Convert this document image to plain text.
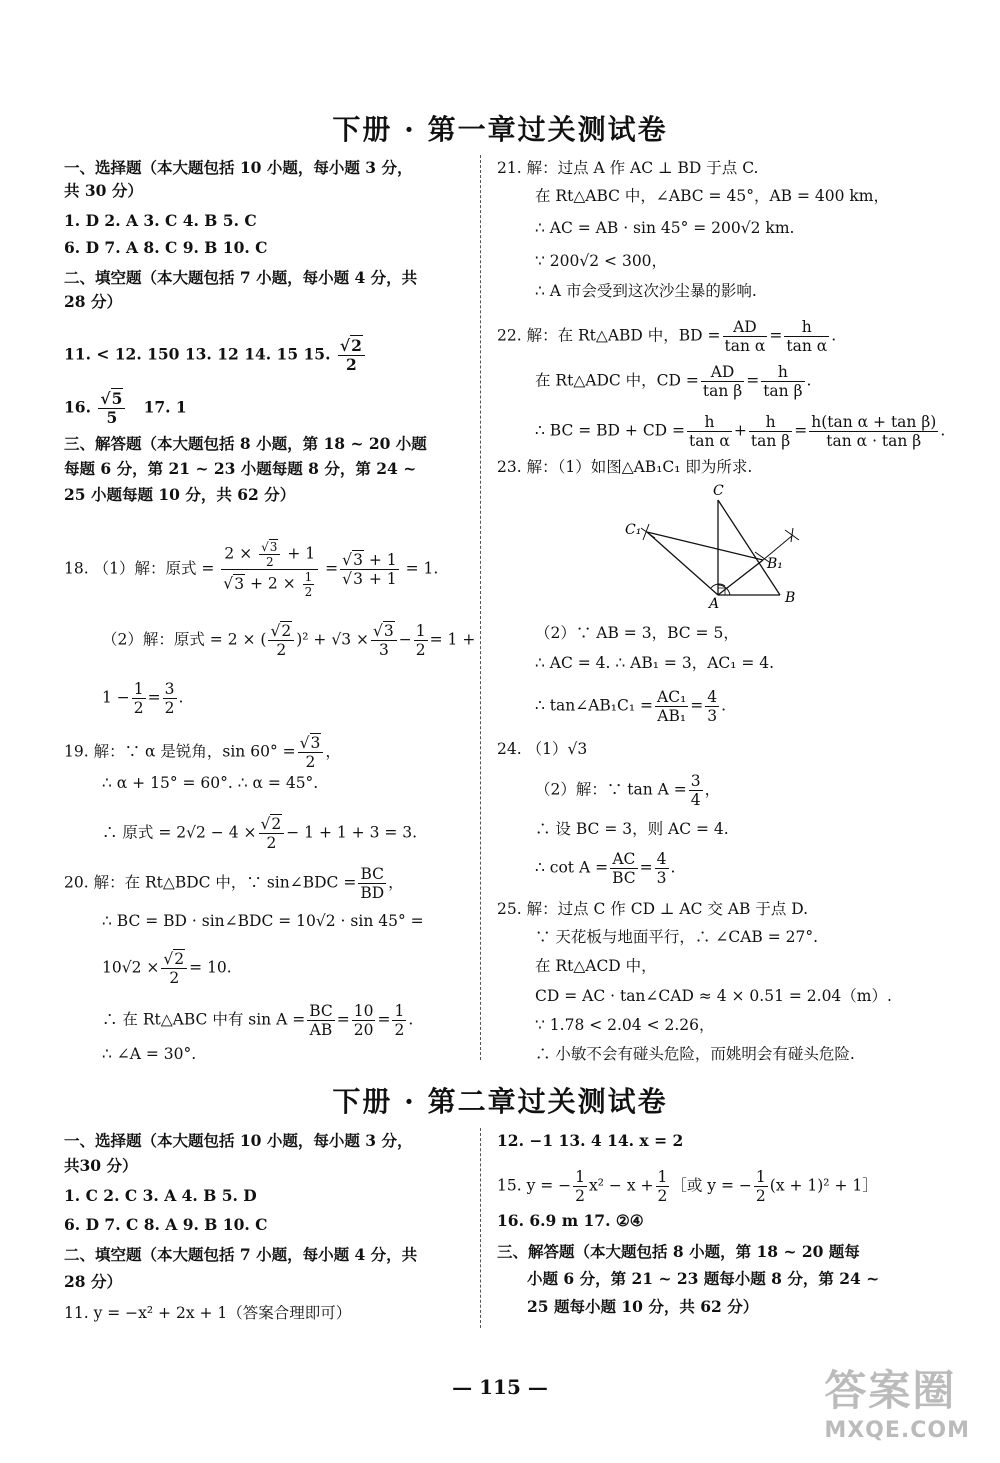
下册 · 第一章过关测试卷
一、选择题（本大题包括 10 小题，每小题 3 分，
共 30 分）
1. D 2. A 3. C 4. B 5. C
6. D 7. A 8. C 9. B 10. C
二、填空题（本大题包括 7 小题，每小题 4 分，共
28 分）
11. < 12. 150 13. 12 14. 15 15. $\frac{√2}{2}$
16. $\frac{√5}{5} 17$. 1
三、解答题（本大题包括 8 小题，第 18 ~ 20 小题
每题 6 分，第 21 ~ 23 小题每题 8 分，第 24 ~
25 小题每题 10 分，共 62 分）
18. （1）解：原式 = $\frac{2 \times \frac{√3}{2} + 1}{√3 + 2 \times \frac{1}{2}} = \frac{√3 + 1}{√3 + 1} = 1$.
（2）解：原式 = 2 × ( $\frac{√2}{2} )^2 + √3 \times \frac{√3}{3} - \frac{1}{2} = 1$ +
$1 - \frac{1}{2} = \frac{3}{2}$ .
19. 解：∵ α 是锐角，$\sin 60^\circ = \frac{√3}{2}$ ，
∴ α + 15° = 60°. ∴ α = 45°.
∴ 原式 = $2√2 - 4 \times \frac{√2}{2} - 1 + 1 + 3 = 3$.
20. 解：在 Rt△BDC 中，∵ sin∠BDC = $\frac{BC}{BD}$ ，
∴ BC = BD · sin∠BDC = 10√2 · sin 45° =
$10√2 \times \frac{√2}{2} = 10$.
∴ 在 Rt△ABC 中有 $\sin A = \frac{BC}{AB} = \frac{10}{20} = \frac{1}{2}$ .
∴ ∠A = 30°.
21. 解：过点 A 作 AC ⊥ BD 于点 C.
在 Rt△ABC 中，∠ABC = 45°，AB = 400 km，
∴ AC = AB · sin 45° = 200√2 km.
∵ 200√2 < 300，
∴ A 市会受到这次沙尘暴的影响.
22. 解：在 Rt△ABD 中，BD = $\frac{AD}{\text{tan α}} = \frac{h}{\text{tan α}}$ .
在 Rt△ADC 中，CD = $\frac{AD}{\text{tan β}} = \frac{h}{\text{tan β}}$ .
∴ BC = BD + CD = $\frac{h}{\text{tan α}} + \frac{h}{\text{tan β}} = \frac{\text{h(tan α + tan β)}}{\text{tan α · tan β}}$ .
23. 解：（1）如图△AB₁C₁ 即为所求.
C
C₁
B₁
A	B
（2）∵ AB = 3，BC = 5，
∴ AC = 4. ∴ AB₁ = 3，AC₁ = 4.
∴ tan∠AB₁C₁ = $\frac{\text{AC₁}}{\text{AB₁}} = \frac{4}{3}$ .
24. （1）√3
（2）解：∵ $\tan A = \frac{3}{4}$ ，
∴ 设 BC = 3，则 AC = 4.
∴ $\cot A = \frac{AC}{BC} = \frac{4}{3}$ .
25. 解：过点 C 作 CD ⊥ AC 交 AB 于点 D.
∵ 天花板与地面平行，∴ ∠CAB = 27°.
在 Rt△ACD 中，
CD = AC · tan∠CAD ≈ 4 × 0.51 = 2.04（m）.
∵ 1.78 < 2.04 < 2.26，
∴ 小敏不会有碰头危险，而姚明会有碰头危险.
下册 · 第二章过关测试卷
一、选择题（本大题包括 10 小题，每小题 3 分，
共30 分）
1. C 2. C 3. A 4. B 5. D
6. D 7. C 8. A 9. B 10. C
二、填空题（本大题包括 7 小题，每小题 4 分，共
28 分）
11. y = −x² + 2x + 1（答案合理即可）
12. −1 13. 4 14. x = 2
15. y = − $\frac{1}{2} x^2 - x + \frac{1}{2}$ ［或 y = − $\frac{1}{2} (x + 1)^2$ + 1］
16. 6.9 m 17. ②④
三、解答题（本大题包括 8 小题，第 18 ~ 20 题每
小题 6 分，第 21 ~ 23 题每小题 8 分，第 24 ~
25 题每小题 10 分，共 62 分）
— 115 —	答案圈
MXQE.COM
